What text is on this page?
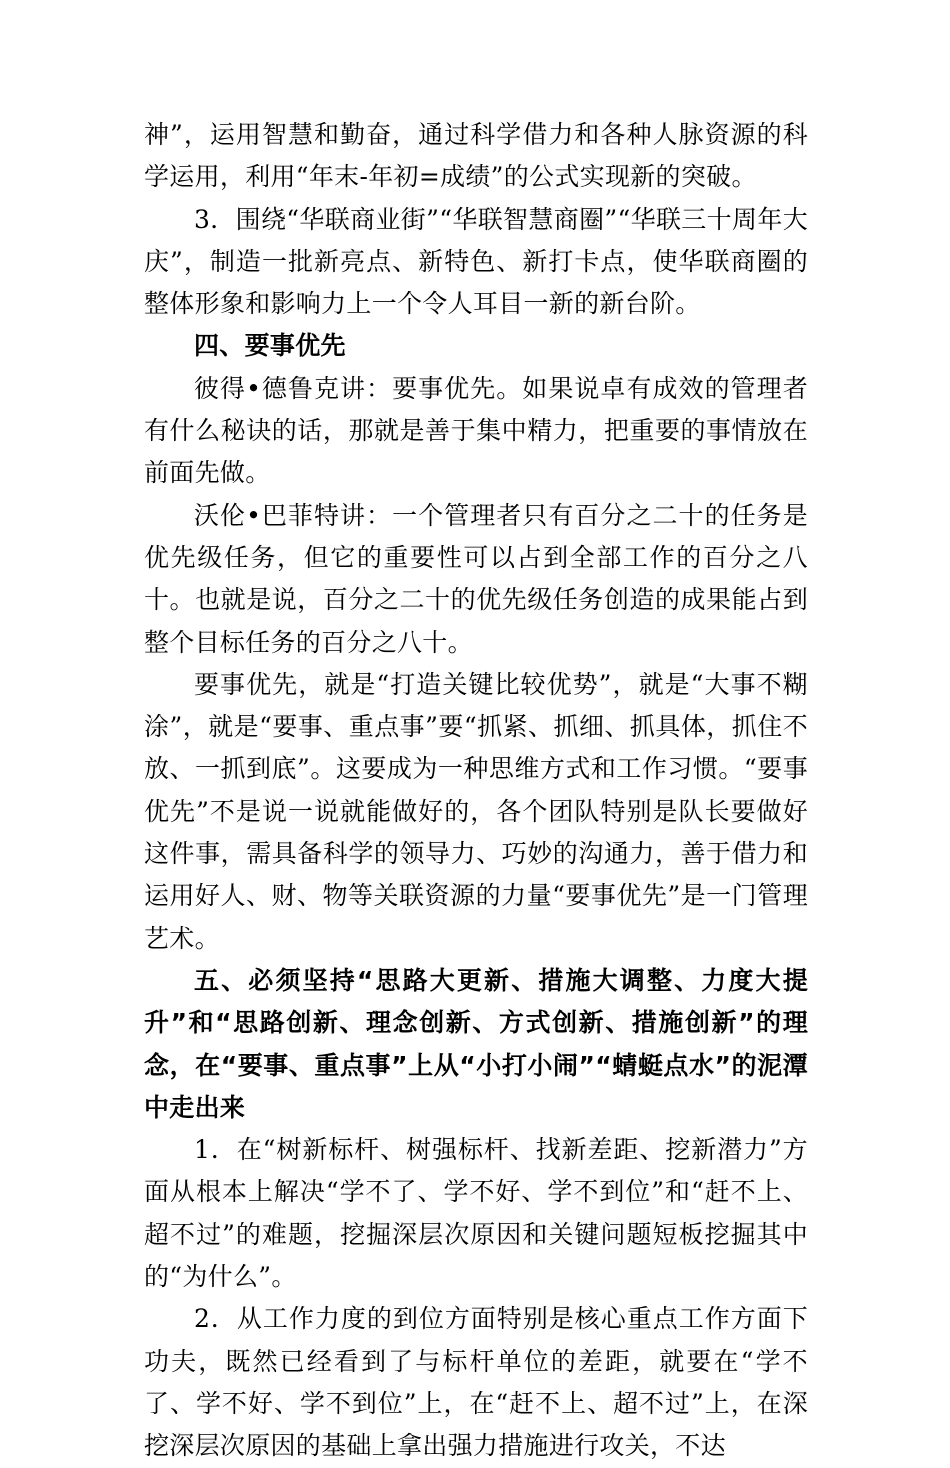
神”，运用智慧和勤奋，通过科学借力和各种人脉资源的科学运用，利用“年末-年初=成绩”的公式实现新的突破。

3．围绕“华联商业街”“华联智慧商圈”“华联三十周年大庆”，制造一批新亮点、新特色、新打卡点，使华联商圈的整体形象和影响力上一个令人耳目一新的新台阶。

四、要事优先

彼得•德鲁克讲：要事优先。如果说卓有成效的管理者有什么秘诀的话，那就是善于集中精力，把重要的事情放在前面先做。

沃伦•巴菲特讲：一个管理者只有百分之二十的任务是优先级任务，但它的重要性可以占到全部工作的百分之八十。也就是说，百分之二十的优先级任务创造的成果能占到整个目标任务的百分之八十。

要事优先，就是“打造关键比较优势”，就是“大事不糊涂”，就是“要事、重点事”要“抓紧、抓细、抓具体，抓住不放、一抓到底”。这要成为一种思维方式和工作习惯。“要事优先”不是说一说就能做好的，各个团队特别是队长要做好这件事，需具备科学的领导力、巧妙的沟通力，善于借力和运用好人、财、物等关联资源的力量“要事优先”是一门管理艺术。

五、必须坚持“思路大更新、措施大调整、力度大提升”和“思路创新、理念创新、方式创新、措施创新”的理念，在“要事、重点事”上从“小打小闹”“蜻蜓点水”的泥潭中走出来

1．在“树新标杆、树强标杆、找新差距、挖新潜力”方面从根本上解决“学不了、学不好、学不到位”和“赶不上、超不过”的难题，挖掘深层次原因和关键问题短板挖掘其中的“为什么”。

2．从工作力度的到位方面特别是核心重点工作方面下功夫，既然已经看到了与标杆单位的差距，就要在“学不了、学不好、学不到位”上，在“赶不上、超不过”上，在深挖深层次原因的基础上拿出强力措施进行攻关，不达
